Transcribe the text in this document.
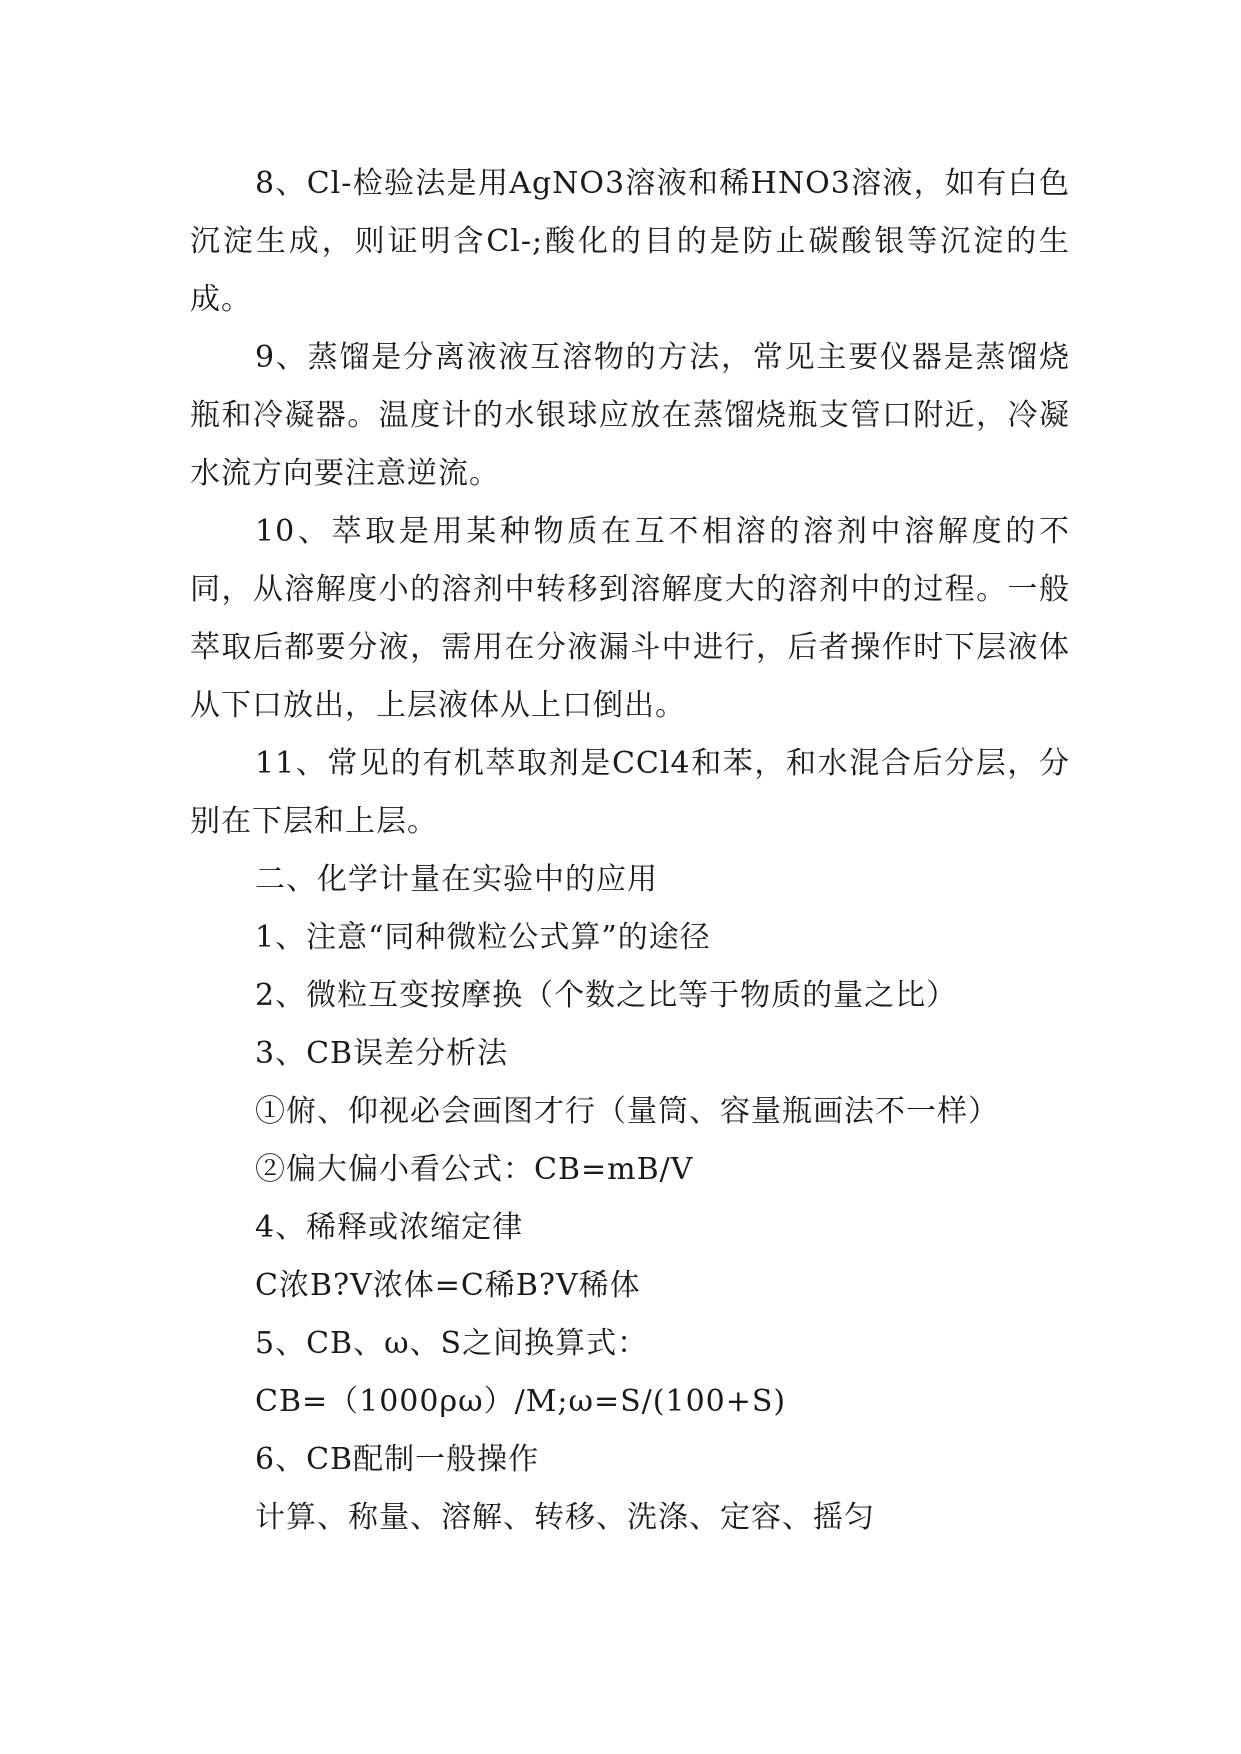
8、Cl-检验法是用AgNO3溶液和稀HNO3溶液，如有白色沉淀生成，则证明含Cl-;酸化的目的是防止碳酸银等沉淀的生成。

9、蒸馏是分离液液互溶物的方法，常见主要仪器是蒸馏烧瓶和冷凝器。温度计的水银球应放在蒸馏烧瓶支管口附近，冷凝水流方向要注意逆流。

10、萃取是用某种物质在互不相溶的溶剂中溶解度的不同，从溶解度小的溶剂中转移到溶解度大的溶剂中的过程。一般萃取后都要分液，需用在分液漏斗中进行，后者操作时下层液体从下口放出，上层液体从上口倒出。

11、常见的有机萃取剂是CCl4和苯，和水混合后分层，分别在下层和上层。

二、化学计量在实验中的应用

1、注意“同种微粒公式算”的途径

2、微粒互变按摩换（个数之比等于物质的量之比）

3、CB误差分析法

①俯、仰视必会画图才行（量筒、容量瓶画法不一样）

②偏大偏小看公式：CB=mB/V

4、稀释或浓缩定律

C浓B?V浓体=C稀B?V稀体

5、CB、ω、S之间换算式：

CB=（1000ρω）/M;ω=S/(100+S)

6、CB配制一般操作

计算、称量、溶解、转移、洗涤、定容、摇匀
